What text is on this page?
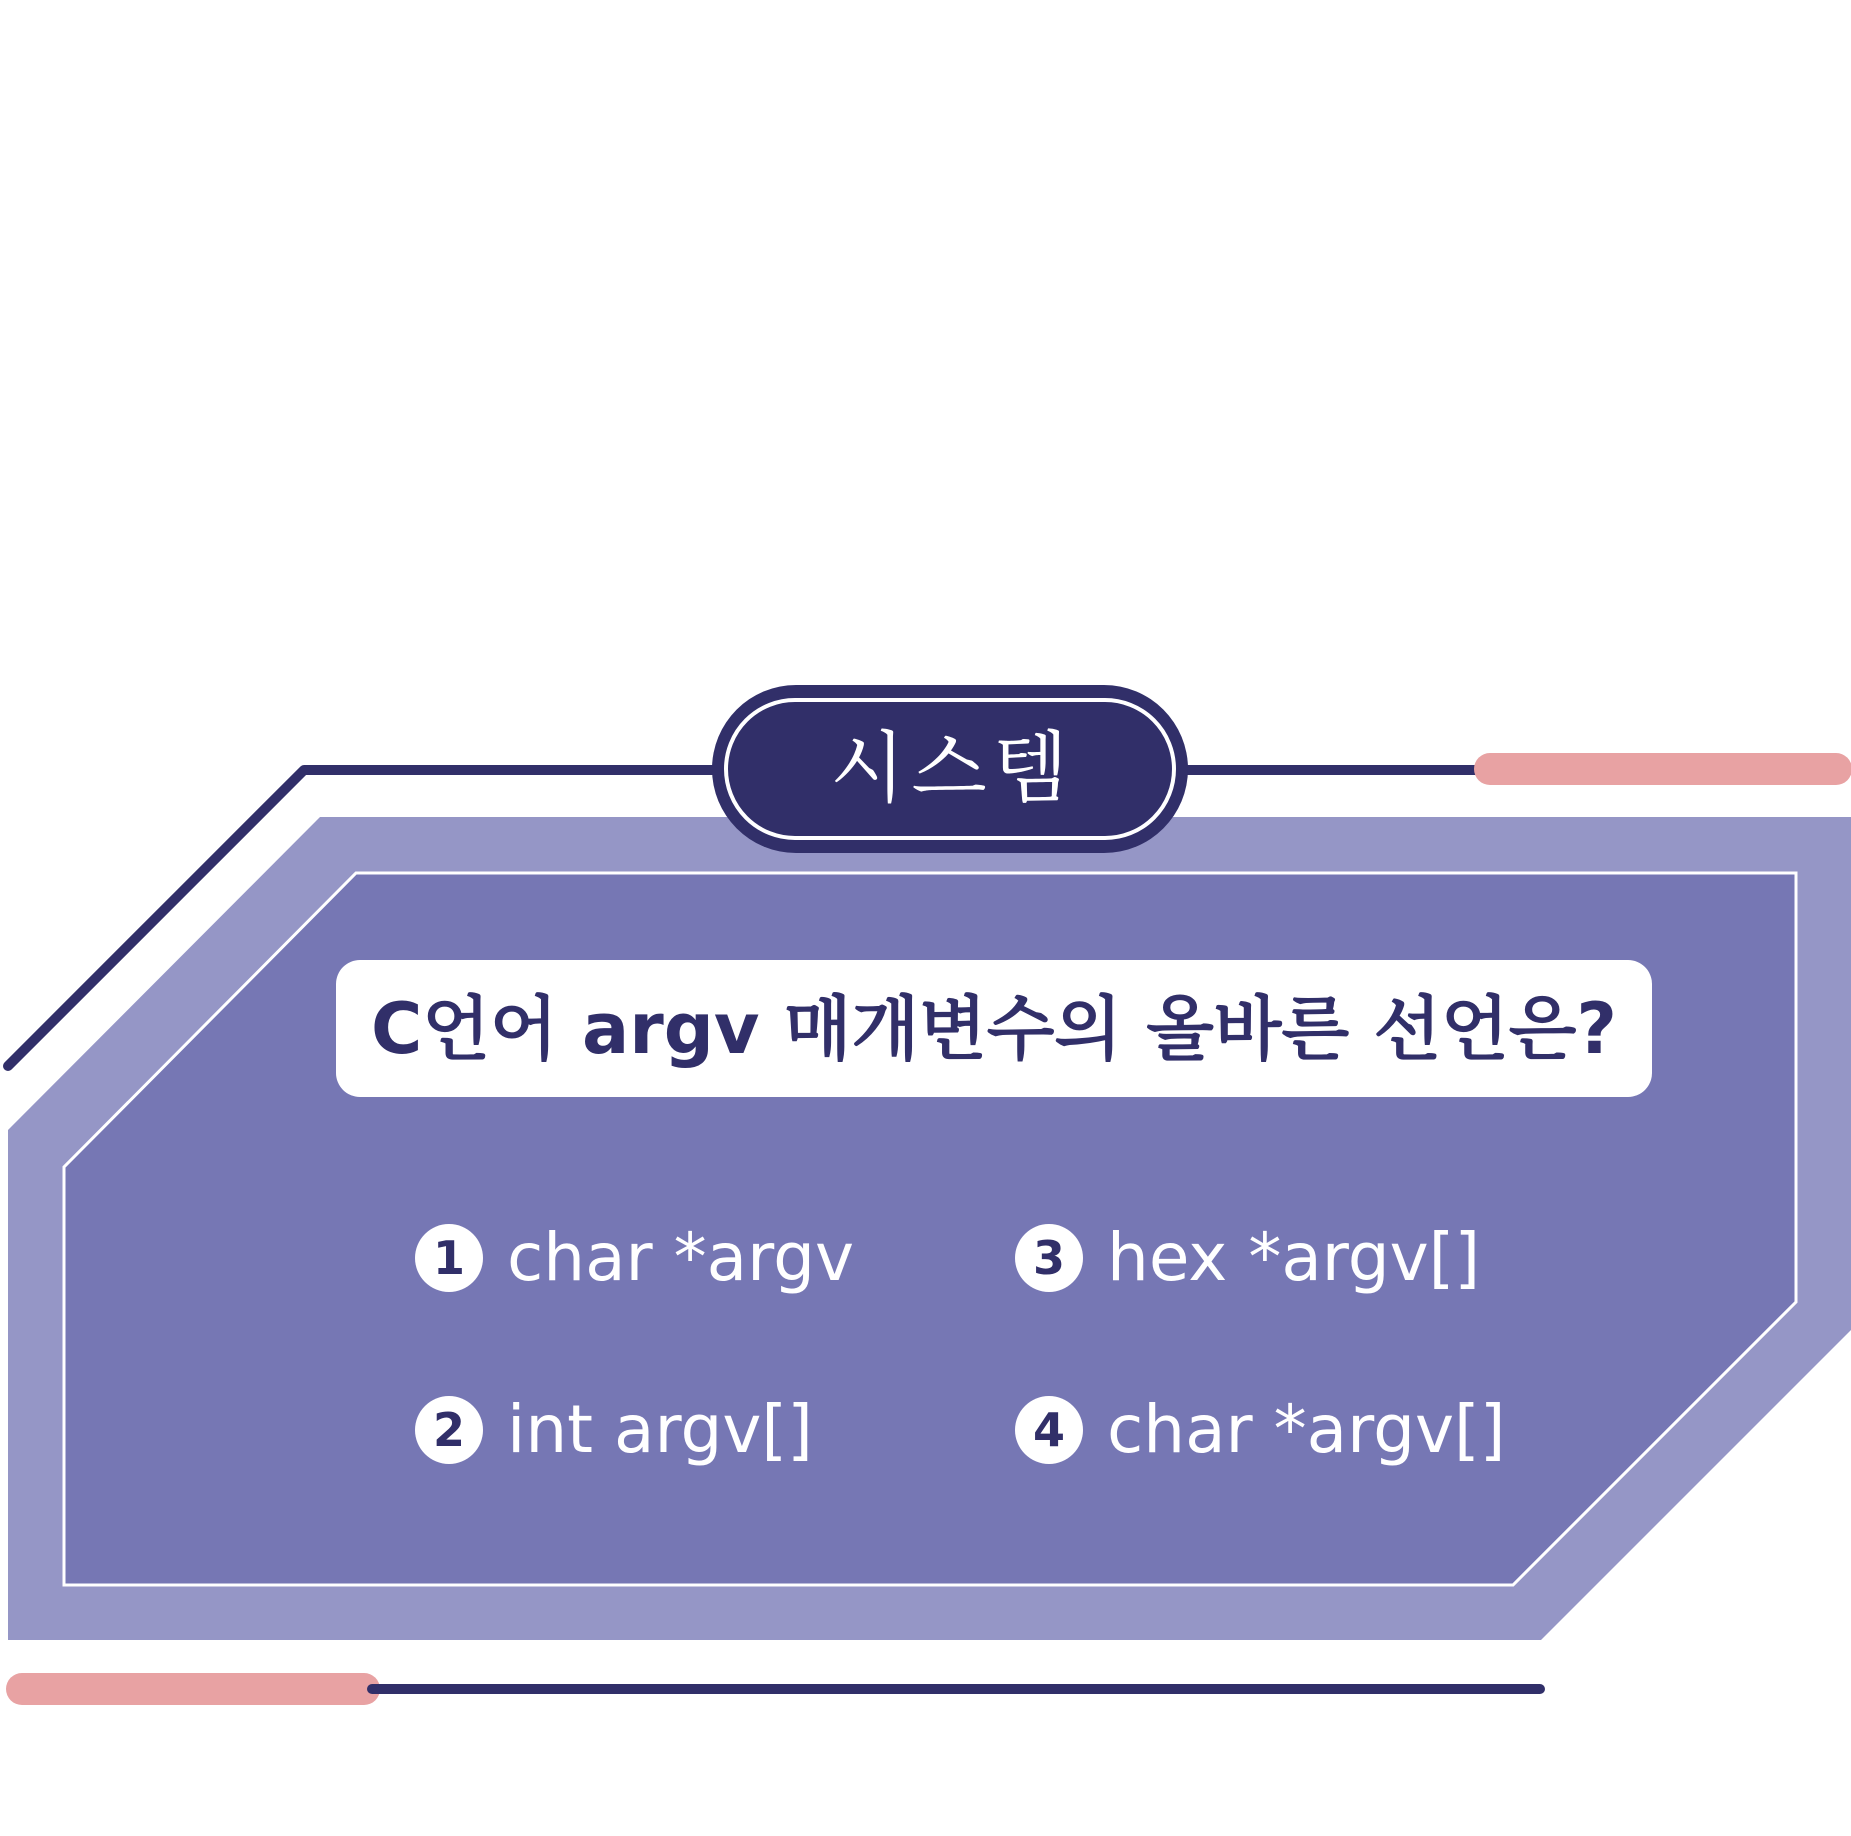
시스템
C언어 argv 매개변수의 올바른 선언은?
1 char *argv
2 int argv[]
3 hex *argv[]
4 char *argv[]
